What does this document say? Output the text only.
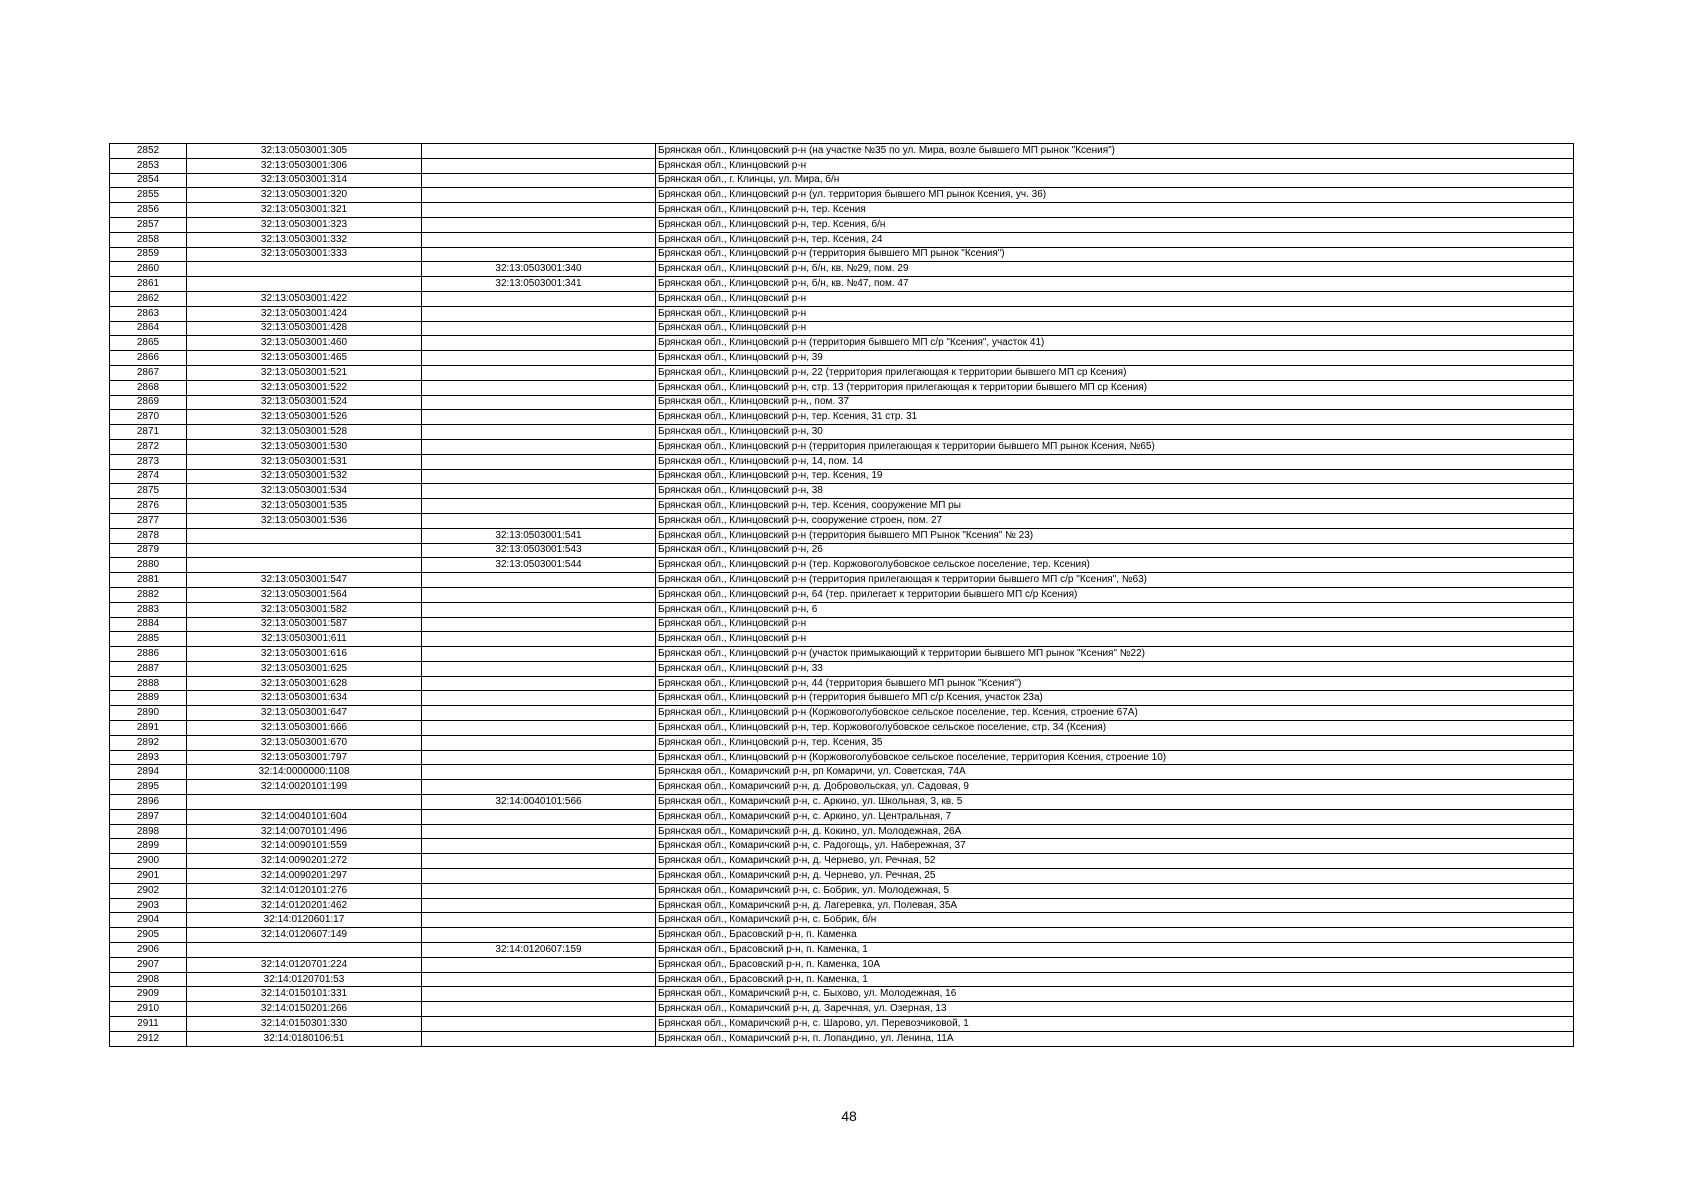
2852	32:13:0503001:305		Брянская обл., Клинцовский р-н (на участке №35 по ул. Мира, возле бывшего МП рынок "Ксения")
2853	32:13:0503001:306		Брянская обл., Клинцовский р-н
2854	32:13:0503001:314		Брянская обл., г. Клинцы, ул. Мира, б/н
2855	32:13:0503001:320		Брянская обл., Клинцовский р-н (ул. территория бывшего МП рынок Ксения, уч. 36)
2856	32:13:0503001:321		Брянская обл., Клинцовский р-н, тер. Ксения
2857	32:13:0503001:323		Брянская обл., Клинцовский р-н, тер. Ксения, б/н
2858	32:13:0503001:332		Брянская обл., Клинцовский р-н, тер. Ксения, 24
2859	32:13:0503001:333		Брянская обл., Клинцовский р-н (территория бывшего МП рынок "Ксения")
2860		32:13:0503001:340	Брянская обл., Клинцовский р-н, б/н, кв. №29, пом. 29
2861		32:13:0503001:341	Брянская обл., Клинцовский р-н, б/н, кв. №47, пом. 47
2862	32:13:0503001:422		Брянская обл., Клинцовский р-н
2863	32:13:0503001:424		Брянская обл., Клинцовский р-н
2864	32:13:0503001:428		Брянская обл., Клинцовский р-н
2865	32:13:0503001:460		Брянская обл., Клинцовский р-н (территория бывшего МП с/р "Ксения", участок 41)
2866	32:13:0503001:465		Брянская обл., Клинцовский р-н, 39
2867	32:13:0503001:521		Брянская обл., Клинцовский р-н, 22 (территория прилегающая к территории бывшего МП ср Ксения)
2868	32:13:0503001:522		Брянская обл., Клинцовский р-н, стр. 13 (территория прилегающая к территории бывшего МП ср Ксения)
2869	32:13:0503001:524		Брянская обл., Клинцовский р-н,, пом. 37
2870	32:13:0503001:526		Брянская обл., Клинцовский р-н, тер. Ксения, 31 стр. 31
2871	32:13:0503001:528		Брянская обл., Клинцовский р-н, 30
2872	32:13:0503001:530		Брянская обл., Клинцовский р-н (территория прилегающая к территории бывшего МП рынок Ксения, №65)
2873	32:13:0503001:531		Брянская обл., Клинцовский р-н, 14, пом. 14
2874	32:13:0503001:532		Брянская обл., Клинцовский р-н, тер. Ксения, 19
2875	32:13:0503001:534		Брянская обл., Клинцовский р-н, 38
2876	32:13:0503001:535		Брянская обл., Клинцовский р-н, тер. Ксения, сооружение МП ры
2877	32:13:0503001:536		Брянская обл., Клинцовский р-н, сооружение строен, пом. 27
2878		32:13:0503001:541	Брянская обл., Клинцовский р-н (территория бывшего МП Рынок "Ксения" № 23)
2879		32:13:0503001:543	Брянская обл., Клинцовский р-н, 26
2880		32:13:0503001:544	Брянская обл., Клинцовский р-н (тер. Коржовоголубовское сельское поселение, тер. Ксения)
2881	32:13:0503001:547		Брянская обл., Клинцовский р-н (территория прилегающая к территории бывшего МП с/р "Ксения", №63)
2882	32:13:0503001:564		Брянская обл., Клинцовский р-н, 64 (тер. прилегает к территории бывшего МП с/р Ксения)
2883	32:13:0503001:582		Брянская обл., Клинцовский р-н, 6
2884	32:13:0503001:587		Брянская обл., Клинцовский р-н
2885	32:13:0503001:611		Брянская обл., Клинцовский р-н
2886	32:13:0503001:616		Брянская обл., Клинцовский р-н (участок примыкающий к территории бывшего МП рынок "Ксения" №22)
2887	32:13:0503001:625		Брянская обл., Клинцовский р-н, 33
2888	32:13:0503001:628		Брянская обл., Клинцовский р-н, 44 (территория бывшего МП рынок "Ксения")
2889	32:13:0503001:634		Брянская обл., Клинцовский р-н (территория бывшего МП с/р Ксения, участок 23а)
2890	32:13:0503001:647		Брянская обл., Клинцовский р-н (Коржовоголубовское сельское поселение, тер. Ксения, строение 67А)
2891	32:13:0503001:666		Брянская обл., Клинцовский р-н, тер. Коржовоголубовское сельское поселение, стр. 34 (Ксения)
2892	32:13:0503001:670		Брянская обл., Клинцовский р-н, тер. Ксения, 35
2893	32:13:0503001:797		Брянская обл., Клинцовский р-н (Коржовоголубовское сельское поселение, территория Ксения, строение 10)
2894	32:14:0000000:1108		Брянская обл., Комаричский р-н, рп Комаричи, ул. Советская, 74А
2895	32:14:0020101:199		Брянская обл., Комаричский р-н, д. Добровольская, ул. Садовая, 9
2896		32:14:0040101:566	Брянская обл., Комаричский р-н, с. Аркино, ул. Школьная, 3, кв. 5
2897	32:14:0040101:604		Брянская обл., Комаричский р-н, с. Аркино, ул. Центральная, 7
2898	32:14:0070101:496		Брянская обл., Комаричский р-н, д. Кокино, ул. Молодежная, 26А
2899	32:14:0090101:559		Брянская обл., Комаричский р-н, с. Радогощь, ул. Набережная, 37
2900	32:14:0090201:272		Брянская обл., Комаричский р-н, д. Чернево, ул. Речная, 52
2901	32:14:0090201:297		Брянская обл., Комаричский р-н, д. Чернево, ул. Речная, 25
2902	32:14:0120101:276		Брянская обл., Комаричский р-н, с. Бобрик, ул. Молодежная, 5
2903	32:14:0120201:462		Брянская обл., Комаричский р-н, д. Лагеревка, ул. Полевая, 35А
2904	32:14:0120601:17		Брянская обл., Комаричский р-н, с. Бобрик, б/н
2905	32:14:0120607:149		Брянская обл., Брасовский р-н, п. Каменка
2906		32:14:0120607:159	Брянская обл., Брасовский р-н, п. Каменка, 1
2907	32:14:0120701:224		Брянская обл., Брасовский р-н, п. Каменка, 10А
2908	32:14:0120701:53		Брянская обл., Брасовский р-н, п. Каменка, 1
2909	32:14:0150101:331		Брянская обл., Комаричский р-н, с. Быхово, ул. Молодежная, 16
2910	32:14:0150201:266		Брянская обл., Комаричский р-н, д. Заречная, ул. Озерная, 13
2911	32:14:0150301:330		Брянская обл., Комаричский р-н, с. Шарово, ул. Перевозчиковой, 1
2912	32:14:0180106:51		Брянская обл., Комаричский р-н, п. Лопандино, ул. Ленина, 11А
48
